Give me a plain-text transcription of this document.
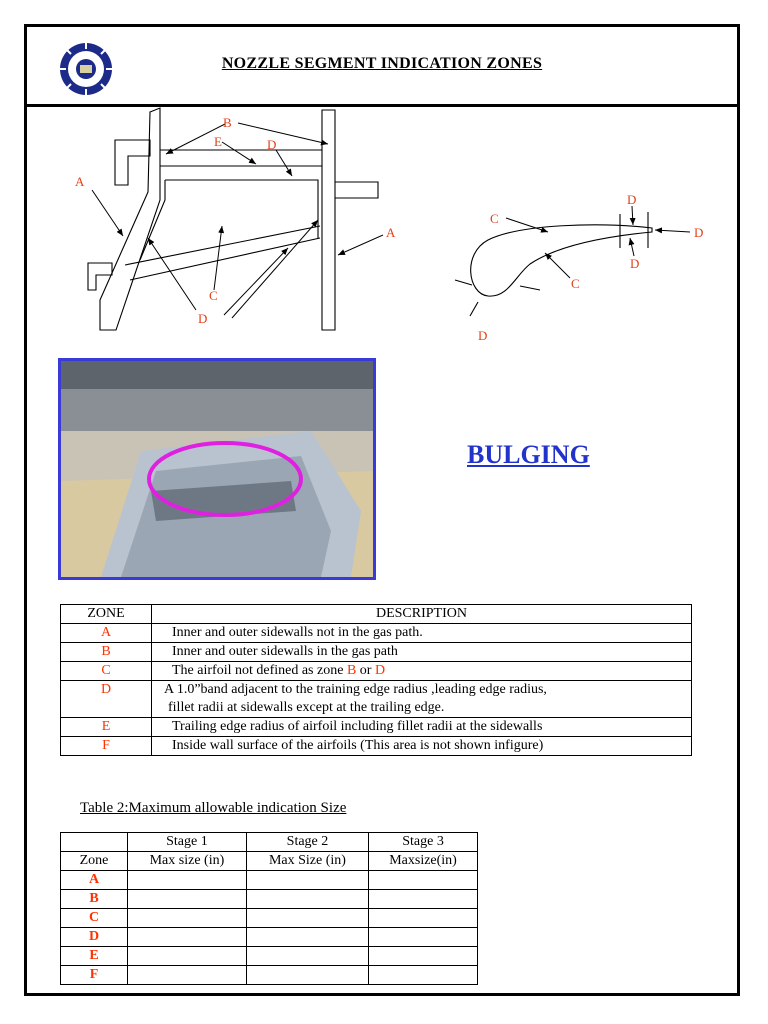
NOZZLE SEGMENT INDICATION ZONES
A
A
B
E	D
C
D
C
C
D
D
D
D
BULGING
ZONE	DESCRIPTION
A	Inner and outer sidewalls not in the gas path.
B	Inner and outer sidewalls in the gas path
C	The airfoil not defined as zone B or D
D	A 1.0”band adjacent to the training edge radius ,leading edge radius,
fillet radii at sidewalls except at the trailing edge.

E	Trailing edge radius of airfoil including fillet radii at the sidewalls
F	Inside wall surface of the airfoils (This area is not shown infigure)
Table 2:Maximum allowable indication Size
	Stage 1	Stage 2	Stage 3
Zone	Max size (in)	Max Size (in)	Maxsize(in)
A			
B			
C			
D			
E			
F			
